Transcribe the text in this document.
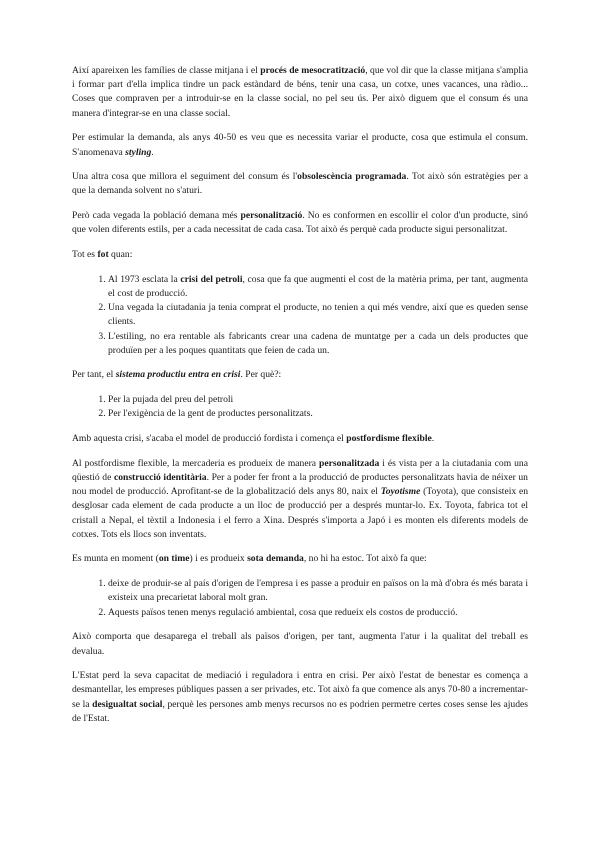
Així apareixen les famílies de classe mitjana i el procés de mesocratització, que vol dir que la classe mitjana s'amplia i formar part d'ella implica tindre un pack estàndard de béns, tenir una casa, un cotxe, unes vacances, una ràdio... Coses que compraven per a introduir-se en la classe social, no pel seu ús. Per això diguem que el consum és una manera d'integrar-se en una classe social.

Per estimular la demanda, als anys 40-50 es veu que es necessita variar el producte, cosa que estimula el consum. S'anomenava styling.

Una altra cosa que millora el seguiment del consum és l'obsolescència programada. Tot això són estratègies per a que la demanda solvent no s'aturi.

Però cada vegada la població demana més personalització. No es conformen en escollir el color d'un producte, sinó que volen diferents estils, per a cada necessitat de cada casa. Tot això és perquè cada producte sigui personalitzat.

Tot es fot quan:

1. Al 1973 esclata la crisi del petroli, cosa que fa que augmenti el cost de la matèria prima, per tant, augmenta el cost de producció.
2. Una vegada la ciutadania ja tenia comprat el producte, no tenien a qui més vendre, així que es queden sense clients.
3. L'estiling, no era rentable als fabricants crear una cadena de muntatge per a cada un dels productes que produïen per a les poques quantitats que feien de cada un.

Per tant, el sistema productiu entra en crisi. Per què?:

1. Per la pujada del preu del petroli
2. Per l'exigència de la gent de productes personalitzats.

Amb aquesta crisi, s'acaba el model de producció fordista i comença el postfordisme flexible.

Al postfordisme flexible, la mercaderia es produeix de manera personalitzada i és vista per a la ciutadania com una qüestió de construcció identitària. Per a poder fer front a la producció de productes personalitzats havia de néixer un nou model de producció. Aprofitant-se de la globalització dels anys 80, naix el Toyotisme (Toyota), que consisteix en desglosar cada element de cada producte a un lloc de producció per a després muntar-lo. Ex. Toyota, fabrica tot el cristall a Nepal, el tèxtil a Indonesia i el ferro a Xina. Després s'importa a Japó i es monten els diferents models de cotxes. Tots els llocs son inventats.

Es munta en moment (on time) i es produeix sota demanda, no hi ha estoc. Tot això fa que:

1. deixe de produir-se al país d'origen de l'empresa i es passe a produir en països on la mà d'obra és més barata i existeix una precarietat laboral molt gran.
2. Aquests països tenen menys regulació ambiental, cosa que redueix els costos de producció.

Això comporta que desaparega el treball als països d'origen, per tant, augmenta l'atur i la qualitat del treball es devalua.

L'Estat perd la seva capacitat de mediació i reguladora i entra en crisi. Per això l'estat de benestar es comença a desmantellar, les empreses públiques passen a ser privades, etc. Tot això fa que comence als anys 70-80 a incrementar-se la desigualtat social, perquè les persones amb menys recursos no es podrien permetre certes coses sense les ajudes de l'Estat.
